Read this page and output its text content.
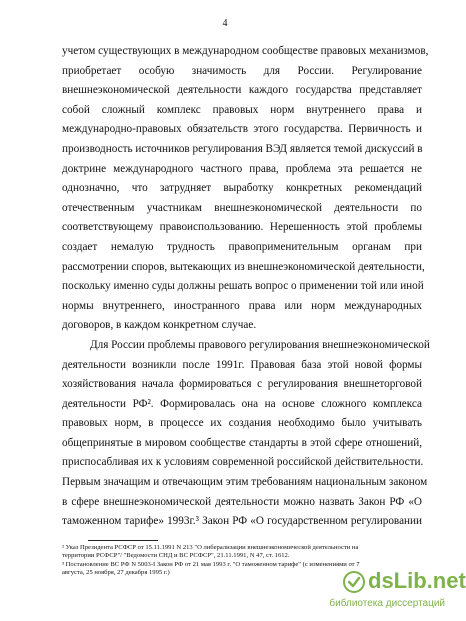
4
учетом существующих в международном сообществе правовых механизмов,
приобретает особую значимость для России. Регулирование
внешнеэкономической деятельности каждого государства представляет
собой сложный комплекс правовых норм внутреннего права и
международно-правовых обязательств этого государства. Первичность и
производность источников регулирования ВЭД является темой дискуссий в
доктрине международного частного права, проблема эта решается не
однозначно, что затрудняет выработку конкретных рекомендаций
отечественным участникам внешнеэкономической деятельности по
соответствующему правоиспользованию. Нерешенность этой проблемы
создает немалую трудность правоприменительным органам при
рассмотрении споров, вытекающих из внешнеэкономической деятельности,
поскольку именно суды должны решать вопрос о применении той или иной
нормы внутреннего, иностранного права или норм международных
договоров, в каждом конкретном случае.
Для России проблемы правового регулирования внешнеэкономической
деятельности возникли после 1991г. Правовая база этой новой формы
хозяйствования начала формироваться с регулирования внешнеторговой
деятельности РФ². Формировалась она на основе сложного комплекса
правовых норм, в процессе их создания необходимо было учитывать
общепринятые в мировом сообществе стандарты в этой сфере отношений,
приспосабливая их к условиям современной российской действительности.
Первым значащим и отвечающим этим требованиям национальным законом
в сфере внешнеэкономической деятельности можно назвать Закон РФ «О
таможенном тарифе» 1993г.³ Закон РФ «О государственном регулировании
² Указ Президента РСФСР от 15.11.1991 N 213 "О либерализации внешнеэкономической деятельности на
территории РСФСР"/ "Ведомости СНД и ВС РСФСР", 21.11.1991, N 47, ст. 1612.
³ Постановление ВС РФ N 5003-I Закон РФ от 21 мая 1993 г. "О таможенном тарифе" (с изменениями от 7
августа, 25 ноября, 27 декабря 1995 г.)	dsLib.net
библиотека диссертаций
